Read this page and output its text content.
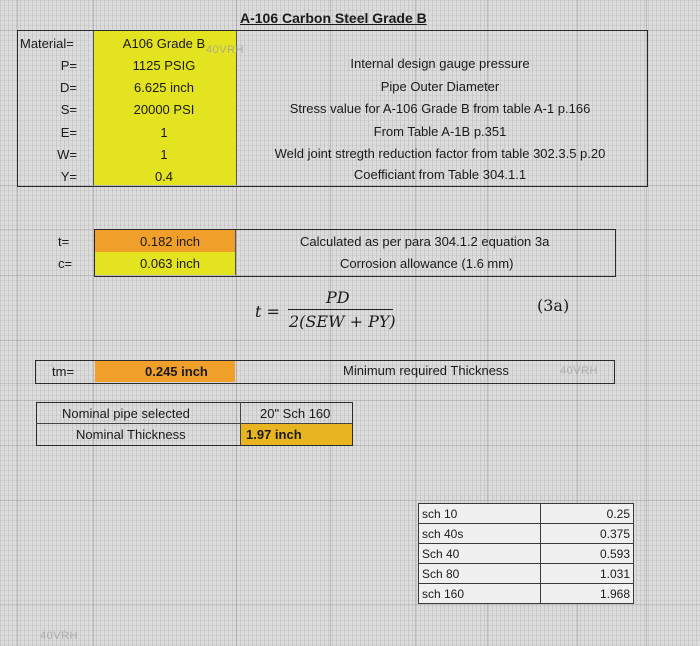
A-106 Carbon Steel Grade B
40VRH
Material=	A106 Grade B
P=	1125 PSIG	Internal design gauge pressure
D=	6.625 inch	Pipe Outer Diameter
S=	20000 PSI	Stress value for A-106 Grade B from table A-1 p.166
E=	1	From Table A-1B p.351
W=	1	Weld joint stregth reduction factor from table 302.3.5 p.20
Y=	0.4	Coefficiant from Table 304.1.1
t=	0.182 inch	Calculated as per para 304.1.2 equation 3a
c=	0.063 inch	Corrosion allowance (1.6 mm)
t =
PD
2(SEW + PY)
(3a)
tm=	0.245 inch	Minimum required Thickness	40VRH
Nominal pipe selected	20" Sch 160
Nominal Thickness	1.97 inch
sch 10	0.25
sch 40s	0.375
Sch 40	0.593
Sch 80	1.031
sch 160	1.968
40VRH
